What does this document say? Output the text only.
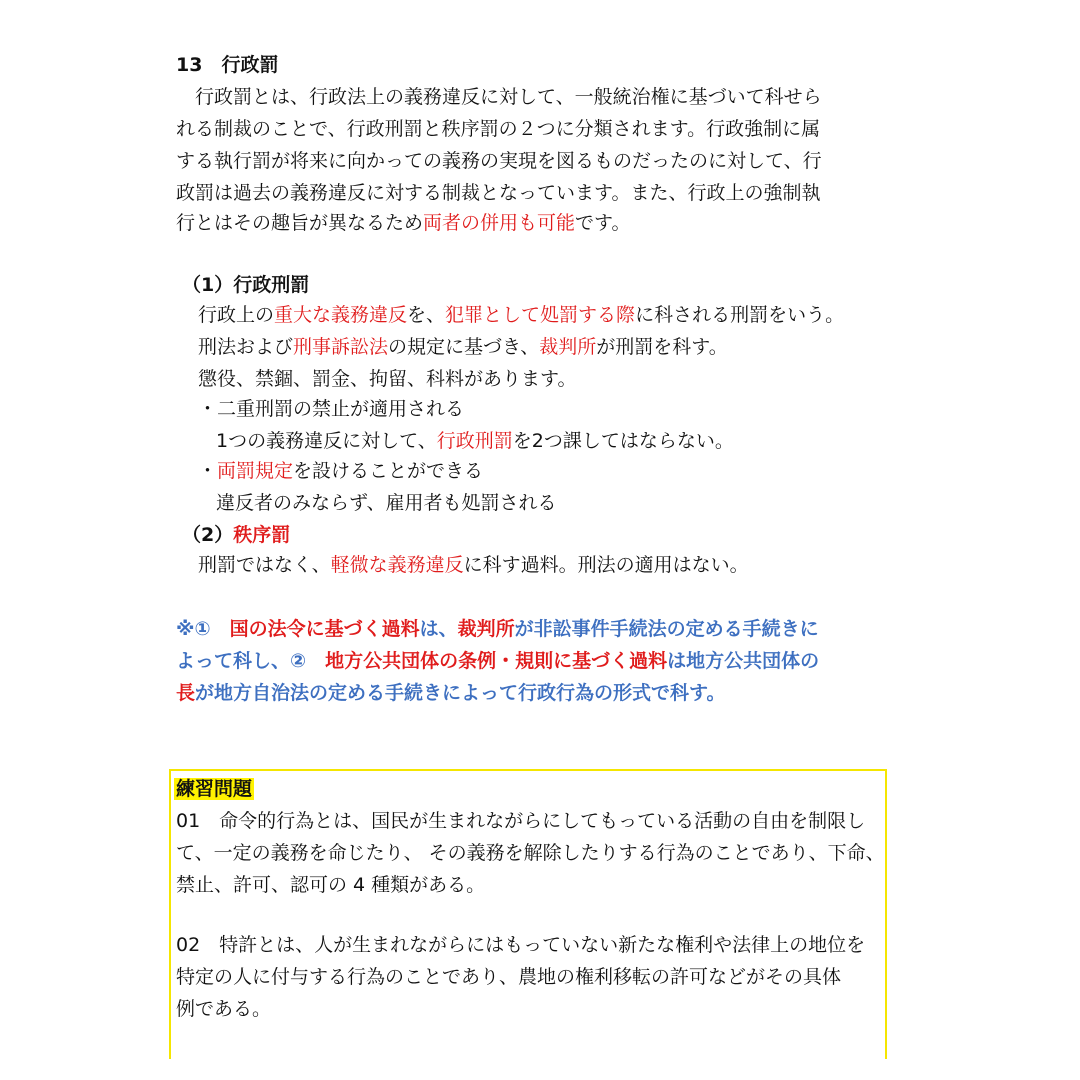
13　行政罰
　行政罰とは、行政法上の義務違反に対して、一般統治権に基づいて科せら
れる制裁のことで、行政刑罰と秩序罰の２つに分類されます。行政強制に属
する執行罰が将来に向かっての義務の実現を図るものだったのに対して、行
政罰は過去の義務違反に対する制裁となっています。また、行政上の強制執
行とはその趣旨が異なるため両者の併用も可能です。
（1）行政刑罰
行政上の重大な義務違反を、犯罪として処罰する際に科される刑罰をいう。
刑法および刑事訴訟法の規定に基づき、裁判所が刑罰を科す。
懲役、禁錮、罰金、拘留、科料があります。
・二重刑罰の禁止が適用される
1つの義務違反に対して、行政刑罰を2つ課してはならない。
・両罰規定を設けることができる
違反者のみならず、雇用者も処罰される
（2）秩序罰
刑罰ではなく、軽微な義務違反に科す過料。刑法の適用はない。
※①　国の法令に基づく過料は、裁判所が非訟事件手続法の定める手続きに
よって科し、②　地方公共団体の条例・規則に基づく過料は地方公共団体の
長が地方自治法の定める手続きによって行政行為の形式で科す。
練習問題
01　命令的行為とは、国民が生まれながらにしてもっている活動の自由を制限し
て、一定の義務を命じたり、 その義務を解除したりする行為のことであり、下命、
禁止、許可、認可の 4 種類がある。
02　特許とは、人が生まれながらにはもっていない新たな権利や法律上の地位を
特定の人に付与する行為のことであり、農地の権利移転の許可などがその具体
例である。
